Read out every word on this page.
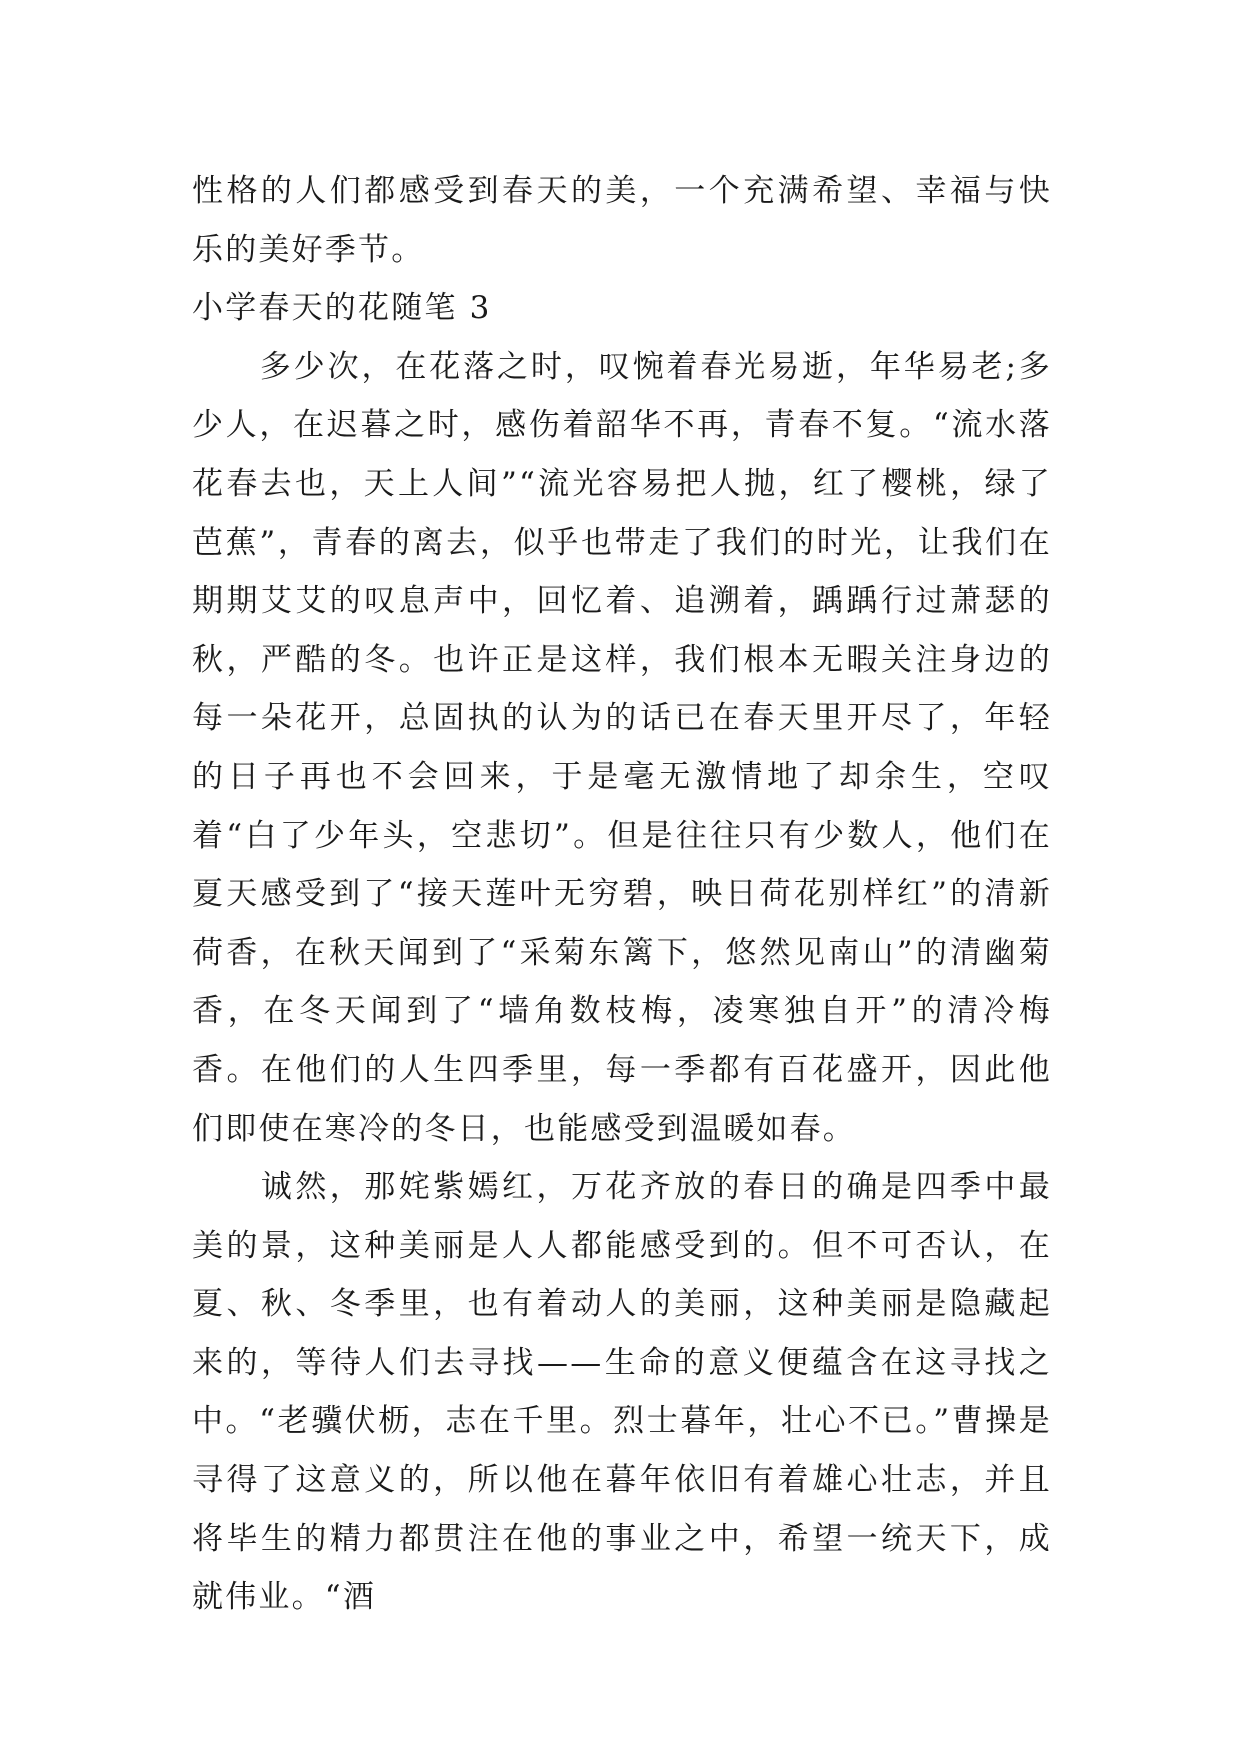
性格的人们都感受到春天的美，一个充满希望、幸福与快乐的美好季节。

小学春天的花随笔 3

　　多少次，在花落之时，叹惋着春光易逝，年华易老;多少人，在迟暮之时，感伤着韶华不再，青春不复。“流水落花春去也，天上人间”“流光容易把人抛，红了樱桃，绿了芭蕉”，青春的离去，似乎也带走了我们的时光，让我们在期期艾艾的叹息声中，回忆着、追溯着，踽踽行过萧瑟的秋，严酷的冬。也许正是这样，我们根本无暇关注身边的每一朵花开，总固执的认为的话已在春天里开尽了，年轻的日子再也不会回来，于是毫无激情地了却余生，空叹着“白了少年头，空悲切”。但是往往只有少数人，他们在夏天感受到了“接天莲叶无穷碧，映日荷花别样红”的清新荷香，在秋天闻到了“采菊东篱下，悠然见南山”的清幽菊香，在冬天闻到了“墙角数枝梅，凌寒独自开”的清冷梅香。在他们的人生四季里，每一季都有百花盛开，因此他们即使在寒冷的冬日，也能感受到温暖如春。

　　诚然，那姹紫嫣红，万花齐放的春日的确是四季中最美的景，这种美丽是人人都能感受到的。但不可否认，在夏、秋、冬季里，也有着动人的美丽，这种美丽是隐藏起来的，等待人们去寻找——生命的意义便蕴含在这寻找之中。“老骥伏枥，志在千里。烈士暮年，壮心不已。”曹操是寻得了这意义的，所以他在暮年依旧有着雄心壮志，并且将毕生的精力都贯注在他的事业之中，希望一统天下，成就伟业。“酒
